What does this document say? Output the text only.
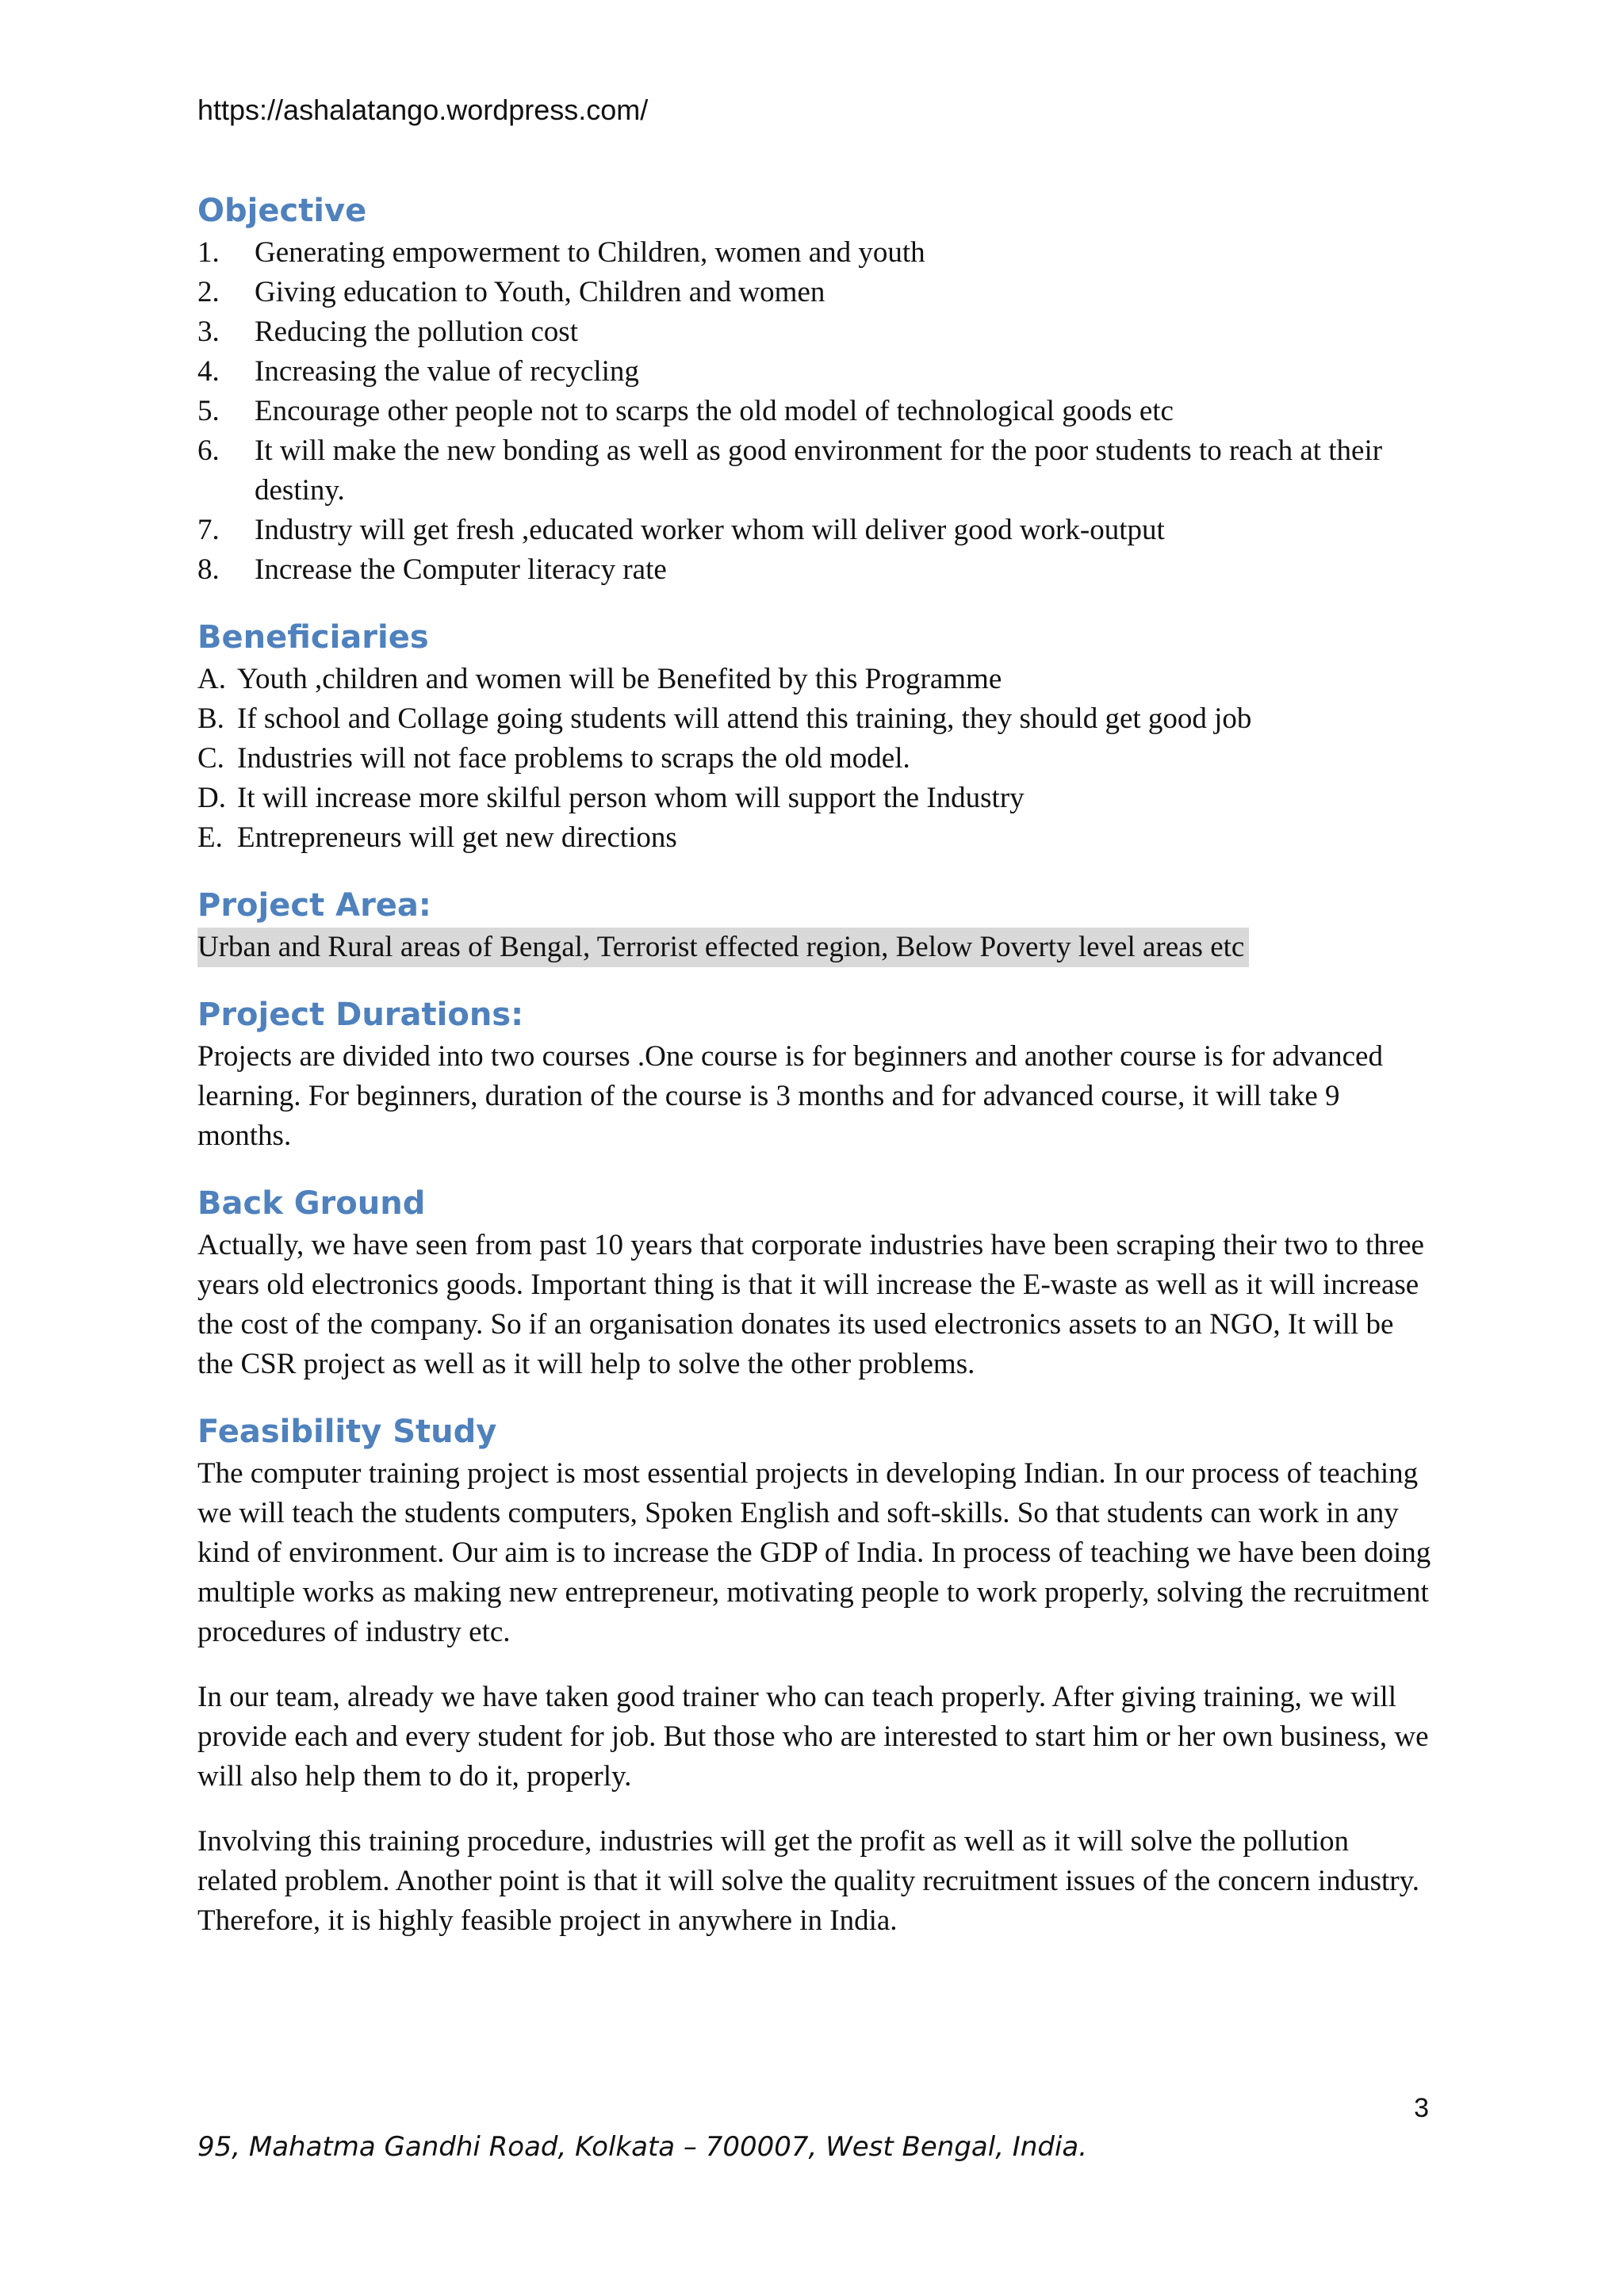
https://ashalatango.wordpress.com/
Objective
1.	Generating empowerment to Children, women and youth
2.	Giving education to Youth, Children and women
3.	Reducing the pollution cost
4.	Increasing the value of recycling
5.	Encourage other people not to scarps the old model of technological goods etc
6.	It will make the new bonding as well as good environment for the poor students to reach at their destiny.
7.	Industry will get fresh ,educated worker whom will deliver good work-output
8.	Increase the Computer literacy rate
Beneficiaries
A. Youth ,children and women will be Benefited by this Programme
B. If school and Collage going students will attend this training, they should get good job
C. Industries will not face problems to scraps the old model.
D. It will increase more skilful person whom will support the Industry
E. Entrepreneurs will get new directions
Project Area:
Urban and Rural areas of Bengal, Terrorist effected region, Below Poverty level areas etc
Project Durations:

Projects are divided into two courses .One course is for beginners and another course is for advanced learning. For beginners, duration of the course is 3 months and for advanced course, it will take 9 months.

Back Ground

Actually, we have seen from past 10 years that corporate industries have been scraping their two to three years old electronics goods. Important thing is that it will increase the E-waste as well as it will increase the cost of the company. So if an organisation donates its used electronics assets to an NGO, It will be the CSR project as well as it will help to solve the other problems.

Feasibility Study

The computer training project is most essential projects in developing Indian. In our process of teaching we will teach the students computers, Spoken English and soft-skills. So that students can work in any kind of environment. Our aim is to increase the GDP of India. In process of teaching we have been doing multiple works as making new entrepreneur, motivating people to work properly, solving the recruitment procedures of industry etc.

In our team, already we have taken good trainer who can teach properly. After giving training, we will provide each and every student for job. But those who are interested to start him or her own business, we will also help them to do it, properly.

Involving this training procedure, industries will get the profit as well as it will solve the pollution related problem. Another point is that it will solve the quality recruitment issues of the concern industry. Therefore, it is highly feasible project in anywhere in India.

3
95, Mahatma Gandhi Road, Kolkata – 700007, West Bengal, India.
